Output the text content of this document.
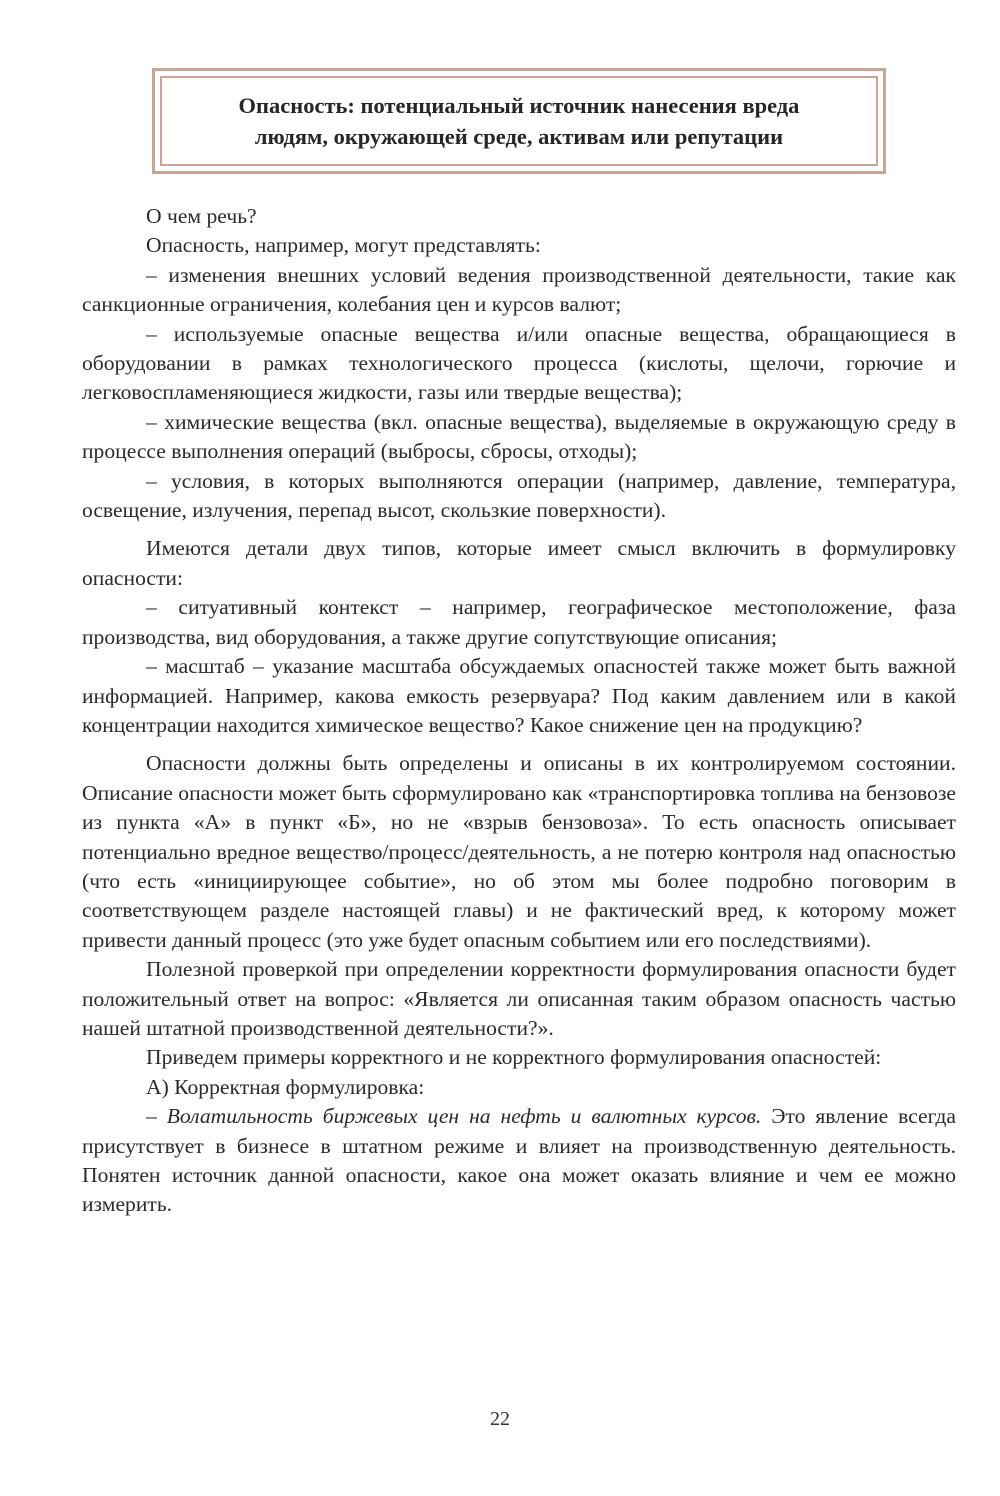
Опасность: потенциальный источник нанесения вреда
людям, окружающей среде, активам или репутации

О чем речь?

Опасность, например, могут представлять:

– изменения внешних условий ведения производственной деятельности, такие как санкционные ограничения, колебания цен и курсов валют;

– используемые опасные вещества и/или опасные вещества, обращающиеся в оборудовании в рамках технологического процесса (кислоты, щелочи, горючие и легковоспламеняющиеся жидкости, газы или твердые вещества);

– химические вещества (вкл. опасные вещества), выделяемые в окружающую среду в процессе выполнения операций (выбросы, сбросы, отходы);

– условия, в которых выполняются операции (например, давление, температура, освещение, излучения, перепад высот, скользкие поверхности).

Имеются детали двух типов, которые имеет смысл включить в формулировку опасности:

– ситуативный контекст – например, географическое местоположение, фаза производства, вид оборудования, а также другие сопутствующие описания;

– масштаб – указание масштаба обсуждаемых опасностей также может быть важной информацией. Например, какова емкость резервуара? Под каким давлением или в какой концентрации находится химическое вещество? Какое снижение цен на продукцию?

Опасности должны быть определены и описаны в их контролируемом состоянии. Описание опасности может быть сформулировано как «транспортировка топлива на бензовозе из пункта «А» в пункт «Б», но не «взрыв бензовоза». То есть опасность описывает потенциально вредное вещество/процесс/деятельность, а не потерю контроля над опасностью (что есть «инициирующее событие», но об этом мы более подробно поговорим в соответствующем разделе настоящей главы) и не фактический вред, к которому может привести данный процесс (это уже будет опасным событием или его последствиями).

Полезной проверкой при определении корректности формулирования опасности будет положительный ответ на вопрос: «Является ли описанная таким образом опасность частью нашей штатной производственной деятельности?».

Приведем примеры корректного и не корректного формулирования опасностей:

А) Корректная формулировка:

– Волатильность биржевых цен на нефть и валютных курсов. Это явление всегда присутствует в бизнесе в штатном режиме и влияет на производственную деятельность. Понятен источник данной опасности, какое она может оказать влияние и чем ее можно измерить.

22
